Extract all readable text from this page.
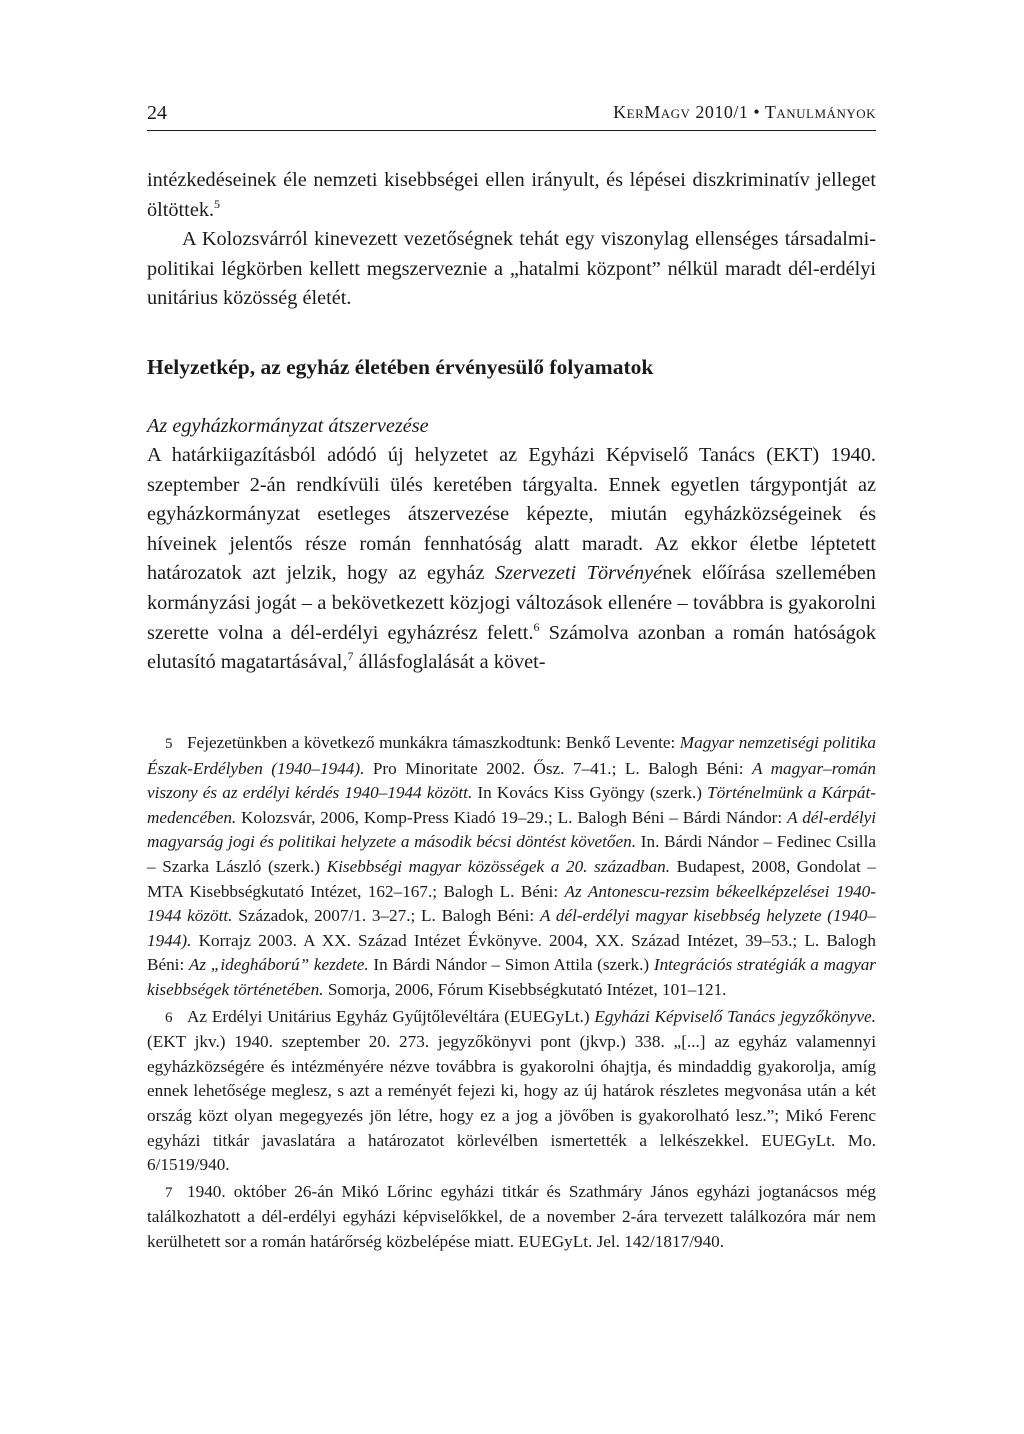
24	KerMagv 2010/1 • Tanulmányok

intézkedéseinek éle nemzeti kisebbségei ellen irányult, és lépései diszkriminatív jelleget öltöttek.$^5$

A Kolozsvárról kinevezett vezetőségnek tehát egy viszonylag ellenséges társadalmi-politikai légkörben kellett megszerveznie a „hatalmi központ” nélkül maradt dél-erdélyi unitárius közösség életét.

Helyzetkép, az egyház életében érvényesülő folyamatok
Az egyházkormányzat átszervezése
A határkiigazításból adódó új helyzetet az Egyházi Képviselő Tanács (EKT) 1940. szeptember 2-án rendkívüli ülés keretében tárgyalta. Ennek egyetlen tárgypontját az egyházkormányzat esetleges átszervezése képezte, miután egyházközségeinek és híveinek jelentős része román fennhatóság alatt maradt. Az ekkor életbe léptetett határozatok azt jelzik, hogy az egyház Szervezeti Törvényének előírása szellemében kormányzási jogát – a bekövetkezett közjogi változások ellenére – továbbra is gyakorolni szerette volna a dél-erdélyi egyházrész felett.$^6$ Számolva azonban a román hatóságok elutasító magatartásával,$^7$ állásfoglalását a követ-

5 Fejezetünkben a következő munkákra támaszkodtunk: Benkő Levente: Magyar nemzetiségi politika Észak-Erdélyben (1940–1944). Pro Minoritate 2002. Ősz. 7–41.; L. Balogh Béni: A magyar–román viszony és az erdélyi kérdés 1940–1944 között. In Kovács Kiss Gyöngy (szerk.) Történelmünk a Kárpát-medencében. Kolozsvár, 2006, Komp-Press Kiadó 19–29.; L. Balogh Béni – Bárdi Nándor: A dél-erdélyi magyarság jogi és politikai helyzete a második bécsi döntést követően. In. Bárdi Nándor – Fedinec Csilla – Szarka László (szerk.) Kisebbségi magyar közösségek a 20. században. Budapest, 2008, Gondolat – MTA Kisebbségkutató Intézet, 162–167.; Balogh L. Béni: Az Antonescu-rezsim békeelképzelései 1940-1944 között. Századok, 2007/1. 3–27.; L. Balogh Béni: A dél-erdélyi magyar kisebbség helyzete (1940–1944). Korrajz 2003. A XX. Század Intézet Évkönyve. 2004, XX. Század Intézet, 39–53.; L. Balogh Béni: Az „idegháború” kezdete. In Bárdi Nándor – Simon Attila (szerk.) Integrációs stratégiák a magyar kisebbségek történetében. Somorja, 2006, Fórum Kisebbségkutató Intézet, 101–121.

6 Az Erdélyi Unitárius Egyház Gyűjtőlevéltára (EUEGyLt.) Egyházi Képviselő Tanács jegyzőkönyve. (EKT jkv.) 1940. szeptember 20. 273. jegyzőkönyvi pont (jkvp.) 338. „[...] az egyház valamennyi egyházközségére és intézményére nézve továbbra is gyakorolni óhajtja, és mindaddig gyakorolja, amíg ennek lehetősége meglesz, s azt a reményét fejezi ki, hogy az új határok részletes megvonása után a két ország közt olyan megegyezés jön létre, hogy ez a jog a jövőben is gyakorolható lesz.”; Mikó Ferenc egyházi titkár javaslatára a határozatot körlevélben ismertették a lelkészekkel. EUEGyLt. Mo. 6/1519/940.

7 1940. október 26-án Mikó Lőrinc egyházi titkár és Szathmáry János egyházi jogtanácsos még találkozhatott a dél-erdélyi egyházi képviselőkkel, de a november 2-ára tervezett találkozóra már nem kerülhetett sor a román határőrség közbelépése miatt. EUEGyLt. Jel. 142/1817/940.
